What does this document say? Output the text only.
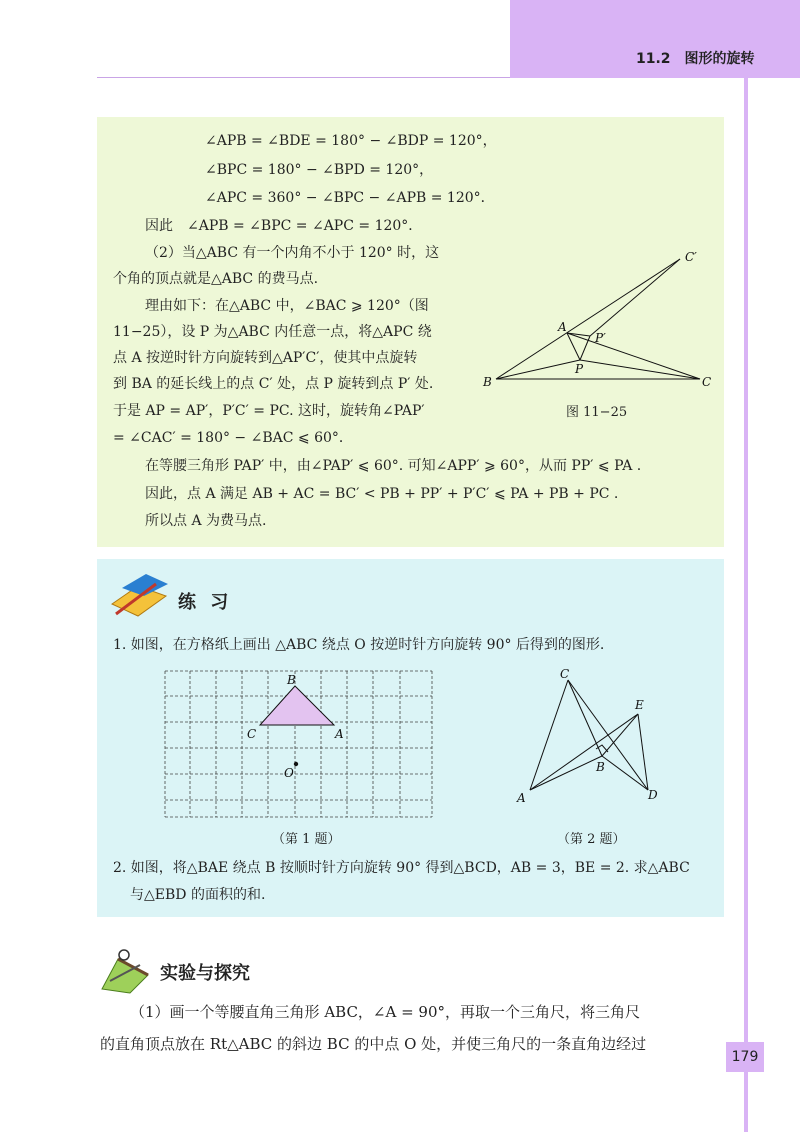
11.2　图形的旋转
∠APB = ∠BDE = 180° − ∠BDP = 120°，
∠BPC = 180° − ∠BPD = 120°，
∠APC = 360° − ∠BPC − ∠APB = 120°．
因此　∠APB = ∠BPC = ∠APC = 120°．
（2）当△ABC 有一个内角不小于 120° 时，这
个角的顶点就是△ABC 的费马点.
理由如下：在△ABC 中，∠BAC ⩾ 120°（图
11−25），设 P 为△ABC 内任意一点，将△APC 绕
点 A 按逆时针方向旋转到△AP′C′，使其中点旋转
到 BA 的延长线上的点 C′ 处，点 P 旋转到点 P′ 处.
于是 AP = AP′，P′C′ = PC. 这时，旋转角∠PAP′
= ∠CAC′ = 180° − ∠BAC ⩽ 60°．
在等腰三角形 PAP′ 中，由∠PAP′ ⩽ 60°. 可知∠APP′ ⩾ 60°，从而 PP′ ⩽ PA .
因此，点 A 满足 AB + AC = BC′ < PB + PP′ + P′C′ ⩽ PA + PB + PC .
所以点 A 为费马点.
C′
A
P′
P
B	C
图 11−25
练 习
1. 如图，在方格纸上画出 △ABC 绕点 O 按逆时针方向旋转 90° 后得到的图形.
B
C	A
O
（第 1 题）
C
E
B
A	D
（第 2 题）
2. 如图，将△BAE 绕点 B 按顺时针方向旋转 90° 得到△BCD，AB = 3，BE = 2. 求△ABC
与△EBD 的面积的和.
实验与探究
（1）画一个等腰直角三角形 ABC，∠A = 90°，再取一个三角尺，将三角尺
的直角顶点放在 Rt△ABC 的斜边 BC 的中点 O 处，并使三角尺的一条直角边经过
179
